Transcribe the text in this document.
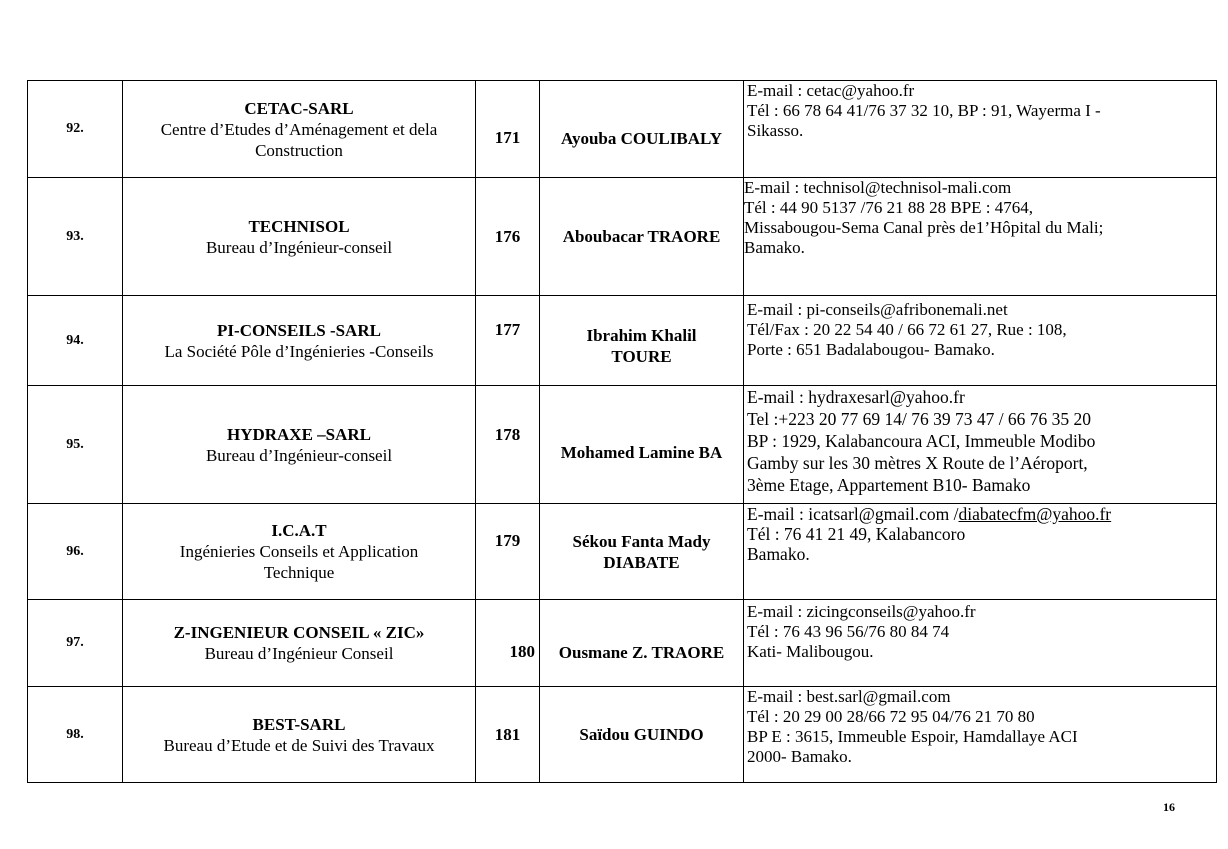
92.	CETAC-SARL
Centre d’Etudes d’Aménagement et dela
Construction	171	Ayouba COULIBALY	E-mail : cetac@yahoo.fr
Tél : 66 78 64 41/76 37 32 10, BP : 91, Wayerma I -
Sikasso.

93.	TECHNISOL
Bureau d’Ingénieur-conseil	176	Aboubacar TRAORE	E-mail : technisol@technisol-mali.com
Tél : 44 90 5137 /76 21 88 28 BPE : 4764,
Missabougou-Sema Canal près de1’Hôpital du Mali;
Bamako.

94.	PI-CONSEILS -SARL
La Société Pôle d’Ingénieries -Conseils	177	Ibrahim Khalil
TOURE	E-mail : pi-conseils@afribonemali.net
Tél/Fax : 20 22 54 40 / 66 72 61 27, Rue : 108,
Porte : 651 Badalabougou- Bamako.

95.	HYDRAXE –SARL
Bureau d’Ingénieur-conseil	178	Mohamed Lamine BA	E-mail : hydraxesarl@yahoo.fr
Tel :+223 20 77 69 14/ 76 39 73 47 / 66 76 35 20
BP : 1929, Kalabancoura ACI, Immeuble Modibo
Gamby sur les 30 mètres X Route de l’Aéroport,
3ème Etage, Appartement B10- Bamako

96.	I.C.A.T
Ingénieries Conseils et Application
Technique	179	Sékou Fanta Mady
DIABATE	E-mail : icatsarl@gmail.com /diabatecfm@yahoo.fr
Tél : 76 41 21 49, Kalabancoro
Bamako.

97.	Z-INGENIEUR CONSEIL « ZIC»
Bureau d’Ingénieur Conseil	180	Ousmane Z. TRAORE	E-mail : zicingconseils@yahoo.fr
Tél : 76 43 96 56/76 80 84 74
Kati- Malibougou.

98.	BEST-SARL
Bureau d’Etude et de Suivi des Travaux	181	Saïdou GUINDO	E-mail : best.sarl@gmail.com
Tél : 20 29 00 28/66 72 95 04/76 21 70 80
BP E : 3615, Immeuble Espoir, Hamdallaye ACI
2000- Bamako.
16
